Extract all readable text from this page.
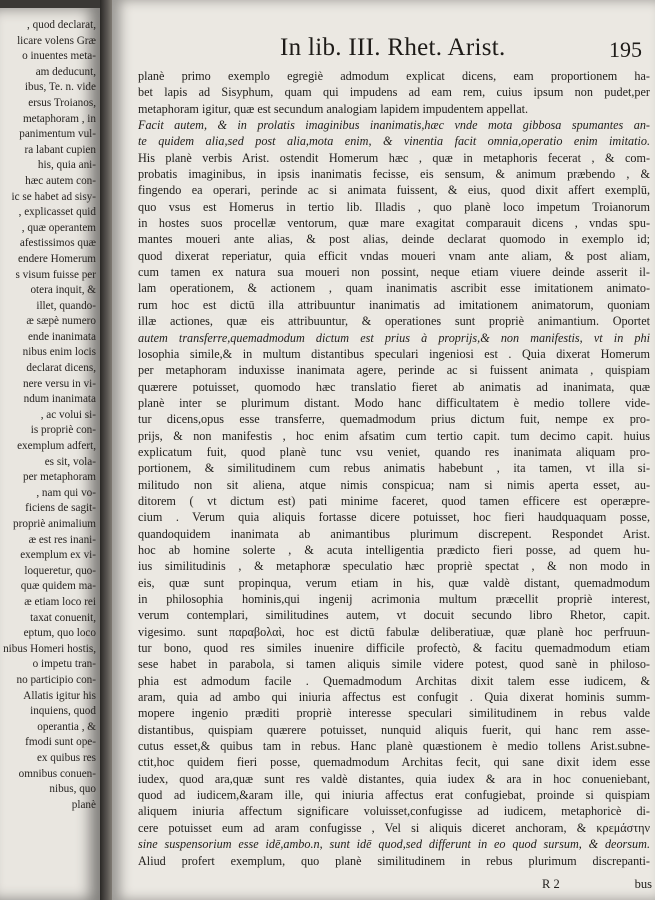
, quod declarat,
licare volens Græ
o inuentes meta-
am deducunt,
ibus, Te. n. vide
ersus Troianos,
metaphoram , in
panimentum vul-
ra labant cupien
his, quia ani-
hæc autem con-
ic se habet ad sisy-
, explicasset quid
, quæ operantem
afestissimos quæ
endere Homerum
s visum fuisse per
otera inquit, &
illet, quando-
æ sæpè numero
ende inanimata
nibus enim locis
declarat dicens,
nere versu in vi-
ndum inanimata
, ac volui si-
is propriè con-
exemplum adfert,
es sit, vola-
per metaphoram
, nam qui vo-
ficiens de sagit-
propriè animalium
æ est res inani-
exemplum ex vi-
loqueretur, quo-
quæ quidem ma-
æ etiam loco rei
taxat conuenit,
eptum, quo loco
nibus Homeri hostis,
o impetu tran-
no participio con-
Allatis igitur his
inquiens, quod
operantia , &
fmodi sunt ope-
ex quibus res
omnibus conuen-
nibus, quo
planè
In lib. III. Rhet. Arist.	195
planè primo exemplo egregiè admodum explicat dicens, eam proportionem ha-
bet lapis ad Sisyphum, quam qui impudens ad eam rem, cuius ipsum non pudet,per
metaphoram igitur, quæ est secundum analogiam lapidem impudentem appellat.
Facit autem, & in prolatis imaginibus inanimatis,hæc vnde mota gibbosa spumantes an-
te quidem alia,sed post alia,mota enim, & vinentia facit omnia,operatio enim imitatio.
His planè verbis Arist. ostendit Homerum hæc , quæ in metaphoris fecerat , & com-
probatis imaginibus, in ipsis inanimatis fecisse, eis sensum, & animum præbendo , &
fingendo ea operari, perinde ac si animata fuissent, & eius, quod dixit affert exemplū,
quo vsus est Homerus in tertio lib. Illadis , quo planè loco impetum Troianorum
in hostes suos procellæ ventorum, quæ mare exagitat comparauit dicens , vndas spu-
mantes moueri ante alias, & post alias, deinde declarat quomodo in exemplo id;
quod dixerat reperiatur, quia efficit vndas moueri vnam ante aliam, & post aliam,
cum tamen ex natura sua moueri non possint, neque etiam viuere deinde asserit il-
lam operationem, & actionem , quam inanimatis ascribit esse imitationem animato-
rum hoc est dictū illa attribuuntur inanimatis ad imitationem animatorum, quoniam
illæ actiones, quæ eis attribuuntur, & operationes sunt propriè animantium. Oportet
autem transferre,quemadmodum dictum est prius à proprijs,& non manifestis, vt in phi
losophia simile,& in multum distantibus speculari ingeniosi est . Quia dixerat Homerum
per metaphoram induxisse inanimata agere, perinde ac si fuissent animata , quispiam
quærere potuisset, quomodo hæc translatio fieret ab animatis ad inanimata, quæ
planè inter se plurimum distant. Modo hanc difficultatem è medio tollere vide-
tur dicens,opus esse transferre, quemadmodum prius dictum fuit, nempe ex pro-
prijs, & non manifestis , hoc enim afsatim cum tertio capit. tum decimo capit. huius
explicatum fuit, quod planè tunc vsu veniet, quando res inanimata aliquam pro-
portionem, & similitudinem cum rebus animatis habebunt , ita tamen, vt illa si-
militudo non sit aliena, atque nimis conspicua; nam si nimis aperta esset, au-
ditorem ( vt dictum est) pati minime faceret, quod tamen efficere est operæpre-
cium . Verum quia aliquis fortasse dicere potuisset, hoc fieri haudquaquam posse,
quandoquidem inanimata ab animantibus plurimum discrepent. Respondet Arist.
hoc ab homine solerte , & acuta intelligentia prædicto fieri posse, ad quem hu-
ius similitudinis , & metaphoræ speculatio hæc propriè spectat , & non modo in
eis, quæ sunt propinqua, verum etiam in his, quæ valdè distant, quemadmodum
in philosophia hominis,qui ingenij acrimonia multum præcellit propriè interest,
verum contemplari, similitudines autem, vt docuit secundo libro Rhetor, capit.
vigesimo. sunt παραβολαὶ, hoc est dictū fabulæ deliberatiuæ, quæ planè hoc perfruun-
tur bono, quod res similes inuenire difficile profectò, & facitu quemadmodum etiam
sese habet in parabola, si tamen aliquis simile videre potest, quod sanè in philoso-
phia est admodum facile . Quemadmodum Architas dixit talem esse iudicem, &
aram, quia ad ambo qui iniuria affectus est confugit . Quia dixerat hominis summ-
mopere ingenio præditi propriè interesse speculari similitudinem in rebus valde
distantibus, quispiam quærere potuisset, nunquid aliquis fuerit, qui hanc rem asse-
cutus esset,& quibus tam in rebus. Hanc planè quæstionem è medio tollens Arist.subne-
ctit,hoc quidem fieri posse, quemadmodum Architas fecit, qui sane dixit idem esse
iudex, quod ara,quæ sunt res valdè distantes, quia iudex & ara in hoc conueniebant,
quod ad iudicem,&aram ille, qui iniuria affectus erat confugiebat, proinde si quispiam
aliquem iniuria affectum significare voluisset,confugisse ad iudicem, metaphoricè di-
cere potuisset eum ad aram confugisse , Vel si aliquis diceret anchoram, & κρεμάστην
sine suspensorium esse idē,ambo.n, sunt idē quod,sed differunt in eo quod sursum, & deorsum.
Aliud profert exemplum, quo planè similitudinem in rebus plurimum discrepanti-
R 2	bus
